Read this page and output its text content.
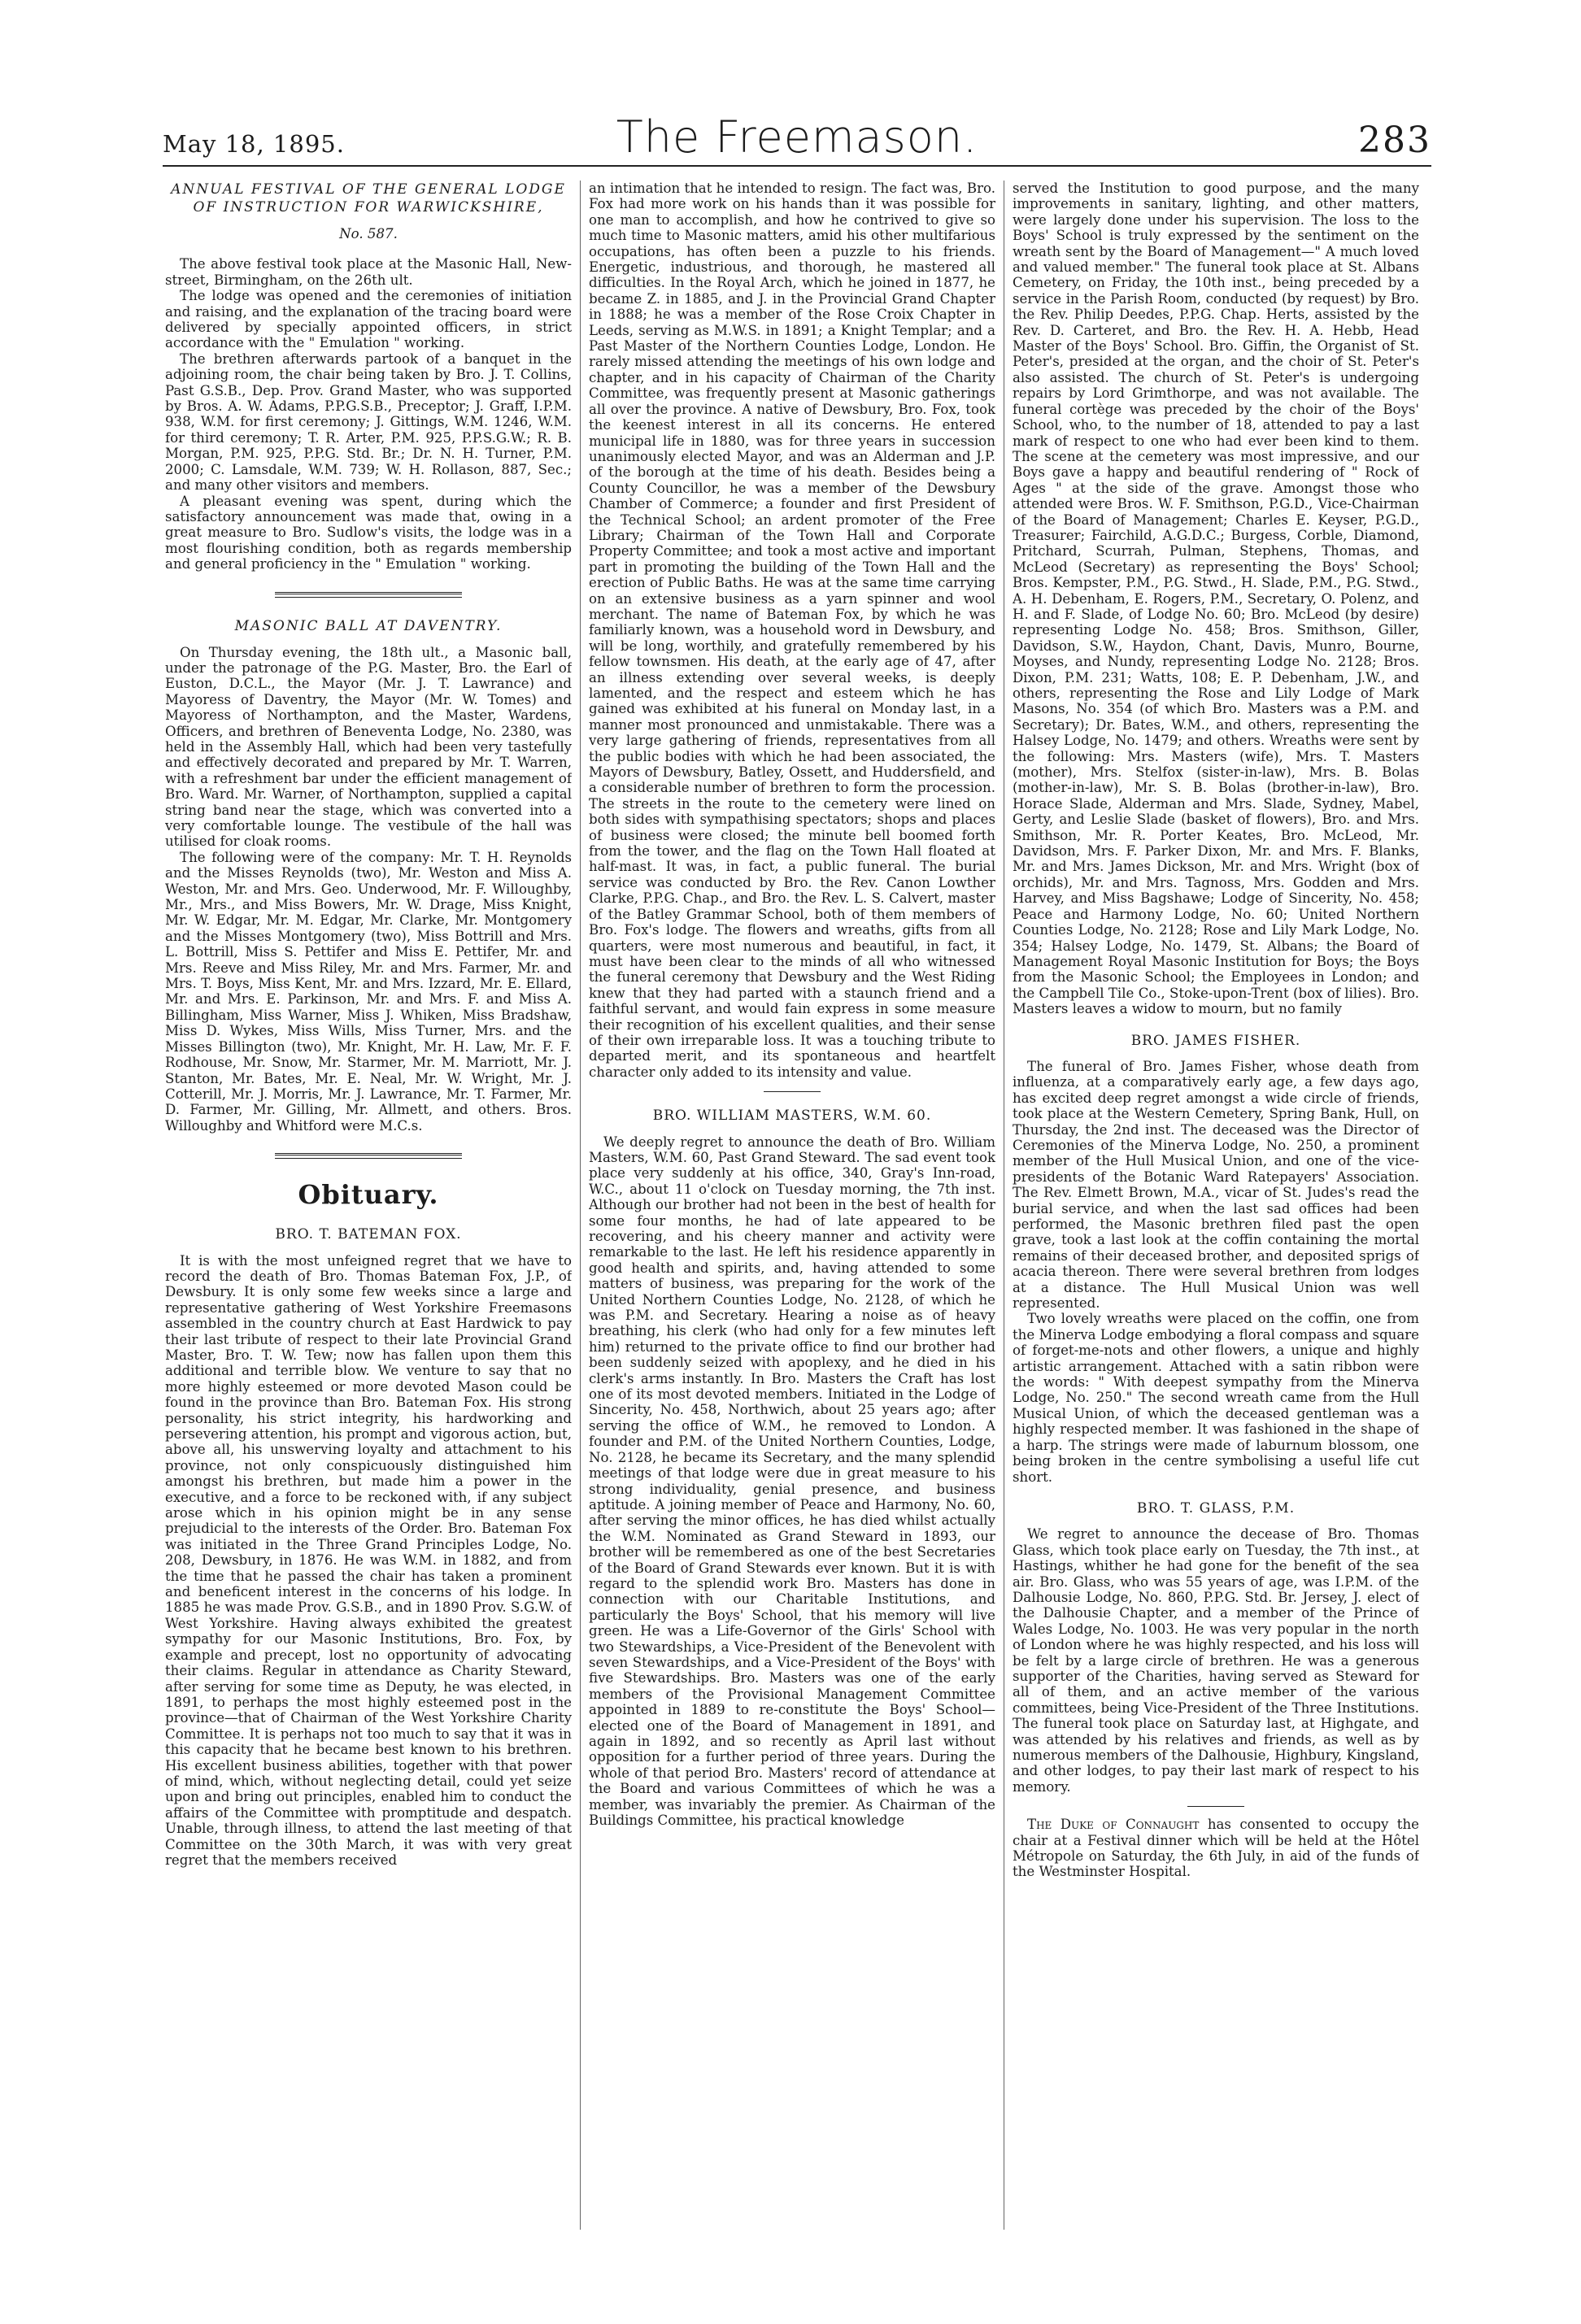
May 18, 1895.	The Freemason.	283

ANNUAL FESTIVAL OF THE GENERAL LODGE
OF INSTRUCTION FOR WARWICKSHIRE,

No. 587.

The above festival took place at the Masonic Hall, New-street, Birmingham, on the 26th ult.

The lodge was opened and the ceremonies of initiation and raising, and the explanation of the tracing board were delivered by specially appointed officers, in strict accordance with the " Emulation " working.

The brethren afterwards partook of a banquet in the adjoining room, the chair being taken by Bro. J. T. Collins, Past G.S.B., Dep. Prov. Grand Master, who was supported by Bros. A. W. Adams, P.P.G.S.B., Preceptor; J. Graff, I.P.M. 938, W.M. for first ceremony; J. Gittings, W.M. 1246, W.M. for third ceremony; T. R. Arter, P.M. 925, P.P.S.G.W.; R. B. Morgan, P.M. 925, P.P.G. Std. Br.; Dr. N. H. Turner, P.M. 2000; C. Lamsdale, W.M. 739; W. H. Rollason, 887, Sec.; and many other visitors and members.

A pleasant evening was spent, during which the satisfactory announcement was made that, owing in a great measure to Bro. Sudlow's visits, the lodge was in a most flourishing condition, both as regards membership and general proficiency in the " Emulation " working.

MASONIC BALL AT DAVENTRY.

On Thursday evening, the 18th ult., a Masonic ball, under the patronage of the P.G. Master, Bro. the Earl of Euston, D.C.L., the Mayor (Mr. J. T. Lawrance) and Mayoress of Daventry, the Mayor (Mr. W. Tomes) and Mayoress of Northampton, and the Master, Wardens, Officers, and brethren of Beneventa Lodge, No. 2380, was held in the Assembly Hall, which had been very tastefully and effectively decorated and prepared by Mr. T. Warren, with a refreshment bar under the efficient management of Bro. Ward. Mr. Warner, of Northampton, supplied a capital string band near the stage, which was converted into a very comfortable lounge. The vestibule of the hall was utilised for cloak rooms.

The following were of the company: Mr. T. H. Reynolds and the Misses Reynolds (two), Mr. Weston and Miss A. Weston, Mr. and Mrs. Geo. Underwood, Mr. F. Willoughby, Mr., Mrs., and Miss Bowers, Mr. W. Drage, Miss Knight, Mr. W. Edgar, Mr. M. Edgar, Mr. Clarke, Mr. Montgomery and the Misses Montgomery (two), Miss Bottrill and Mrs. L. Bottrill, Miss S. Pettifer and Miss E. Pettifer, Mr. and Mrs. Reeve and Miss Riley, Mr. and Mrs. Farmer, Mr. and Mrs. T. Boys, Miss Kent, Mr. and Mrs. Izzard, Mr. E. Ellard, Mr. and Mrs. E. Parkinson, Mr. and Mrs. F. and Miss A. Billingham, Miss Warner, Miss J. Whiken, Miss Bradshaw, Miss D. Wykes, Miss Wills, Miss Turner, Mrs. and the Misses Billington (two), Mr. Knight, Mr. H. Law, Mr. F. F. Rodhouse, Mr. Snow, Mr. Starmer, Mr. M. Marriott, Mr. J. Stanton, Mr. Bates, Mr. E. Neal, Mr. W. Wright, Mr. J. Cotterill, Mr. J. Morris, Mr. J. Lawrance, Mr. T. Farmer, Mr. D. Farmer, Mr. Gilling, Mr. Allmett, and others. Bros. Willoughby and Whitford were M.C.s.

Obituary.

BRO. T. BATEMAN FOX.

It is with the most unfeigned regret that we have to record the death of Bro. Thomas Bateman Fox, J.P., of Dewsbury. It is only some few weeks since a large and representative gathering of West Yorkshire Freemasons assembled in the country church at East Hardwick to pay their last tribute of respect to their late Provincial Grand Master, Bro. T. W. Tew; now has fallen upon them this additional and terrible blow. We venture to say that no more highly esteemed or more devoted Mason could be found in the province than Bro. Bateman Fox. His strong personality, his strict integrity, his hardworking and persevering attention, his prompt and vigorous action, but, above all, his unswerving loyalty and attachment to his province, not only conspicuously distinguished him amongst his brethren, but made him a power in the executive, and a force to be reckoned with, if any subject arose which in his opinion might be in any sense prejudicial to the interests of the Order. Bro. Bateman Fox was initiated in the Three Grand Principles Lodge, No. 208, Dewsbury, in 1876. He was W.M. in 1882, and from the time that he passed the chair has taken a prominent and beneficent interest in the concerns of his lodge. In 1885 he was made Prov. G.S.B., and in 1890 Prov. S.G.W. of West Yorkshire. Having always exhibited the greatest sympathy for our Masonic Institutions, Bro. Fox, by example and precept, lost no opportunity of advocating their claims. Regular in attendance as Charity Steward, after serving for some time as Deputy, he was elected, in 1891, to perhaps the most highly esteemed post in the province—that of Chairman of the West Yorkshire Charity Committee. It is perhaps not too much to say that it was in this capacity that he became best known to his brethren. His excellent business abilities, together with that power of mind, which, without neglecting detail, could yet seize upon and bring out principles, enabled him to conduct the affairs of the Committee with promptitude and despatch. Unable, through illness, to attend the last meeting of that Committee on the 30th March, it was with very great regret that the members received

an intimation that he intended to resign. The fact was, Bro. Fox had more work on his hands than it was possible for one man to accomplish, and how he contrived to give so much time to Masonic matters, amid his other multifarious occupations, has often been a puzzle to his friends. Energetic, industrious, and thorough, he mastered all difficulties. In the Royal Arch, which he joined in 1877, he became Z. in 1885, and J. in the Provincial Grand Chapter in 1888; he was a member of the Rose Croix Chapter in Leeds, serving as M.W.S. in 1891; a Knight Templar; and a Past Master of the Northern Counties Lodge, London. He rarely missed attending the meetings of his own lodge and chapter, and in his capacity of Chairman of the Charity Committee, was frequently present at Masonic gatherings all over the province. A native of Dewsbury, Bro. Fox, took the keenest interest in all its concerns. He entered municipal life in 1880, was for three years in succession unanimously elected Mayor, and was an Alderman and J.P. of the borough at the time of his death. Besides being a County Councillor, he was a member of the Dewsbury Chamber of Commerce; a founder and first President of the Technical School; an ardent promoter of the Free Library; Chairman of the Town Hall and Corporate Property Committee; and took a most active and important part in promoting the building of the Town Hall and the erection of Public Baths. He was at the same time carrying on an extensive business as a yarn spinner and wool merchant. The name of Bateman Fox, by which he was familiarly known, was a household word in Dewsbury, and will be long, worthily, and gratefully remembered by his fellow townsmen. His death, at the early age of 47, after an illness extending over several weeks, is deeply lamented, and the respect and esteem which he has gained was exhibited at his funeral on Monday last, in a manner most pronounced and unmistakable. There was a very large gathering of friends, representatives from all the public bodies with which he had been associated, the Mayors of Dewsbury, Batley, Ossett, and Huddersfield, and a considerable number of brethren to form the procession. The streets in the route to the cemetery were lined on both sides with sympathising spectators; shops and places of business were closed; the minute bell boomed forth from the tower, and the flag on the Town Hall floated at half-mast. It was, in fact, a public funeral. The burial service was conducted by Bro. the Rev. Canon Lowther Clarke, P.P.G. Chap., and Bro. the Rev. L. S. Calvert, master of the Batley Grammar School, both of them members of Bro. Fox's lodge. The flowers and wreaths, gifts from all quarters, were most numerous and beautiful, in fact, it must have been clear to the minds of all who witnessed the funeral ceremony that Dewsbury and the West Riding knew that they had parted with a staunch friend and a faithful servant, and would fain express in some measure their recognition of his excellent qualities, and their sense of their own irreparable loss. It was a touching tribute to departed merit, and its spontaneous and heartfelt character only added to its intensity and value.

BRO. WILLIAM MASTERS, W.M. 60.

We deeply regret to announce the death of Bro. William Masters, W.M. 60, Past Grand Steward. The sad event took place very suddenly at his office, 340, Gray's Inn-road, W.C., about 11 o'clock on Tuesday morning, the 7th inst. Although our brother had not been in the best of health for some four months, he had of late appeared to be recovering, and his cheery manner and activity were remarkable to the last. He left his residence apparently in good health and spirits, and, having attended to some matters of business, was preparing for the work of the United Northern Counties Lodge, No. 2128, of which he was P.M. and Secretary. Hearing a noise as of heavy breathing, his clerk (who had only for a few minutes left him) returned to the private office to find our brother had been suddenly seized with apoplexy, and he died in his clerk's arms instantly. In Bro. Masters the Craft has lost one of its most devoted members. Initiated in the Lodge of Sincerity, No. 458, Northwich, about 25 years ago; after serving the office of W.M., he removed to London. A founder and P.M. of the United Northern Counties, Lodge, No. 2128, he became its Secretary, and the many splendid meetings of that lodge were due in great measure to his strong individuality, genial presence, and business aptitude. A joining member of Peace and Harmony, No. 60, after serving the minor offices, he has died whilst actually the W.M. Nominated as Grand Steward in 1893, our brother will be remembered as one of the best Secretaries of the Board of Grand Stewards ever known. But it is with regard to the splendid work Bro. Masters has done in connection with our Charitable Institutions, and particularly the Boys' School, that his memory will live green. He was a Life-Governor of the Girls' School with two Stewardships, a Vice-President of the Benevolent with seven Stewardships, and a Vice-President of the Boys' with five Stewardships. Bro. Masters was one of the early members of the Provisional Management Committee appointed in 1889 to re-constitute the Boys' School—elected one of the Board of Management in 1891, and again in 1892, and so recently as April last without opposition for a further period of three years. During the whole of that period Bro. Masters' record of attendance at the Board and various Committees of which he was a member, was invariably the premier. As Chairman of the Buildings Committee, his practical knowledge

served the Institution to good purpose, and the many improvements in sanitary, lighting, and other matters, were largely done under his supervision. The loss to the Boys' School is truly expressed by the sentiment on the wreath sent by the Board of Management—" A much loved and valued member." The funeral took place at St. Albans Cemetery, on Friday, the 10th inst., being preceded by a service in the Parish Room, conducted (by request) by Bro. the Rev. Philip Deedes, P.P.G. Chap. Herts, assisted by the Rev. D. Carteret, and Bro. the Rev. H. A. Hebb, Head Master of the Boys' School. Bro. Giffin, the Organist of St. Peter's, presided at the organ, and the choir of St. Peter's also assisted. The church of St. Peter's is undergoing repairs by Lord Grimthorpe, and was not available. The funeral cortège was preceded by the choir of the Boys' School, who, to the number of 18, attended to pay a last mark of respect to one who had ever been kind to them. The scene at the cemetery was most impressive, and our Boys gave a happy and beautiful rendering of " Rock of Ages " at the side of the grave. Amongst those who attended were Bros. W. F. Smithson, P.G.D., Vice-Chairman of the Board of Management; Charles E. Keyser, P.G.D., Treasurer; Fairchild, A.G.D.C.; Burgess, Corble, Diamond, Pritchard, Scurrah, Pulman, Stephens, Thomas, and McLeod (Secretary) as representing the Boys' School; Bros. Kempster, P.M., P.G. Stwd., H. Slade, P.M., P.G. Stwd., A. H. Debenham, E. Rogers, P.M., Secretary, O. Polenz, and H. and F. Slade, of Lodge No. 60; Bro. McLeod (by desire) representing Lodge No. 458; Bros. Smithson, Giller, Davidson, S.W., Haydon, Chant, Davis, Munro, Bourne, Moyses, and Nundy, representing Lodge No. 2128; Bros. Dixon, P.M. 231; Watts, 108; E. P. Debenham, J.W., and others, representing the Rose and Lily Lodge of Mark Masons, No. 354 (of which Bro. Masters was a P.M. and Secretary); Dr. Bates, W.M., and others, representing the Halsey Lodge, No. 1479; and others. Wreaths were sent by the following: Mrs. Masters (wife), Mrs. T. Masters (mother), Mrs. Stelfox (sister-in-law), Mrs. B. Bolas (mother-in-law), Mr. S. B. Bolas (brother-in-law), Bro. Horace Slade, Alderman and Mrs. Slade, Sydney, Mabel, Gerty, and Leslie Slade (basket of flowers), Bro. and Mrs. Smithson, Mr. R. Porter Keates, Bro. McLeod, Mr. Davidson, Mrs. F. Parker Dixon, Mr. and Mrs. F. Blanks, Mr. and Mrs. James Dickson, Mr. and Mrs. Wright (box of orchids), Mr. and Mrs. Tagnoss, Mrs. Godden and Mrs. Harvey, and Miss Bagshawe; Lodge of Sincerity, No. 458; Peace and Harmony Lodge, No. 60; United Northern Counties Lodge, No. 2128; Rose and Lily Mark Lodge, No. 354; Halsey Lodge, No. 1479, St. Albans; the Board of Management Royal Masonic Institution for Boys; the Boys from the Masonic School; the Employees in London; and the Campbell Tile Co., Stoke-upon-Trent (box of lilies). Bro. Masters leaves a widow to mourn, but no family

BRO. JAMES FISHER.

The funeral of Bro. James Fisher, whose death from influenza, at a comparatively early age, a few days ago, has excited deep regret amongst a wide circle of friends, took place at the Western Cemetery, Spring Bank, Hull, on Thursday, the 2nd inst. The deceased was the Director of Ceremonies of the Minerva Lodge, No. 250, a prominent member of the Hull Musical Union, and one of the vice-presidents of the Botanic Ward Ratepayers' Association. The Rev. Elmett Brown, M.A., vicar of St. Judes's read the burial service, and when the last sad offices had been performed, the Masonic brethren filed past the open grave, took a last look at the coffin containing the mortal remains of their deceased brother, and deposited sprigs of acacia thereon. There were several brethren from lodges at a distance. The Hull Musical Union was well represented.

Two lovely wreaths were placed on the coffin, one from the Minerva Lodge embodying a floral compass and square of forget-me-nots and other flowers, a unique and highly artistic arrangement. Attached with a satin ribbon were the words: " With deepest sympathy from the Minerva Lodge, No. 250." The second wreath came from the Hull Musical Union, of which the deceased gentleman was a highly respected member. It was fashioned in the shape of a harp. The strings were made of laburnum blossom, one being broken in the centre symbolising a useful life cut short.

BRO. T. GLASS, P.M.

We regret to announce the decease of Bro. Thomas Glass, which took place early on Tuesday, the 7th inst., at Hastings, whither he had gone for the benefit of the sea air. Bro. Glass, who was 55 years of age, was I.P.M. of the Dalhousie Lodge, No. 860, P.P.G. Std. Br. Jersey, J. elect of the Dalhousie Chapter, and a member of the Prince of Wales Lodge, No. 1003. He was very popular in the north of London where he was highly respected, and his loss will be felt by a large circle of brethren. He was a generous supporter of the Charities, having served as Steward for all of them, and an active member of the various committees, being Vice-President of the Three Institutions. The funeral took place on Saturday last, at Highgate, and was attended by his relatives and friends, as well as by numerous members of the Dalhousie, Highbury, Kingsland, and other lodges, to pay their last mark of respect to his memory.

The Duke of Connaught has consented to occupy the chair at a Festival dinner which will be held at the Hôtel Métropole on Saturday, the 6th July, in aid of the funds of the Westminster Hospital.
